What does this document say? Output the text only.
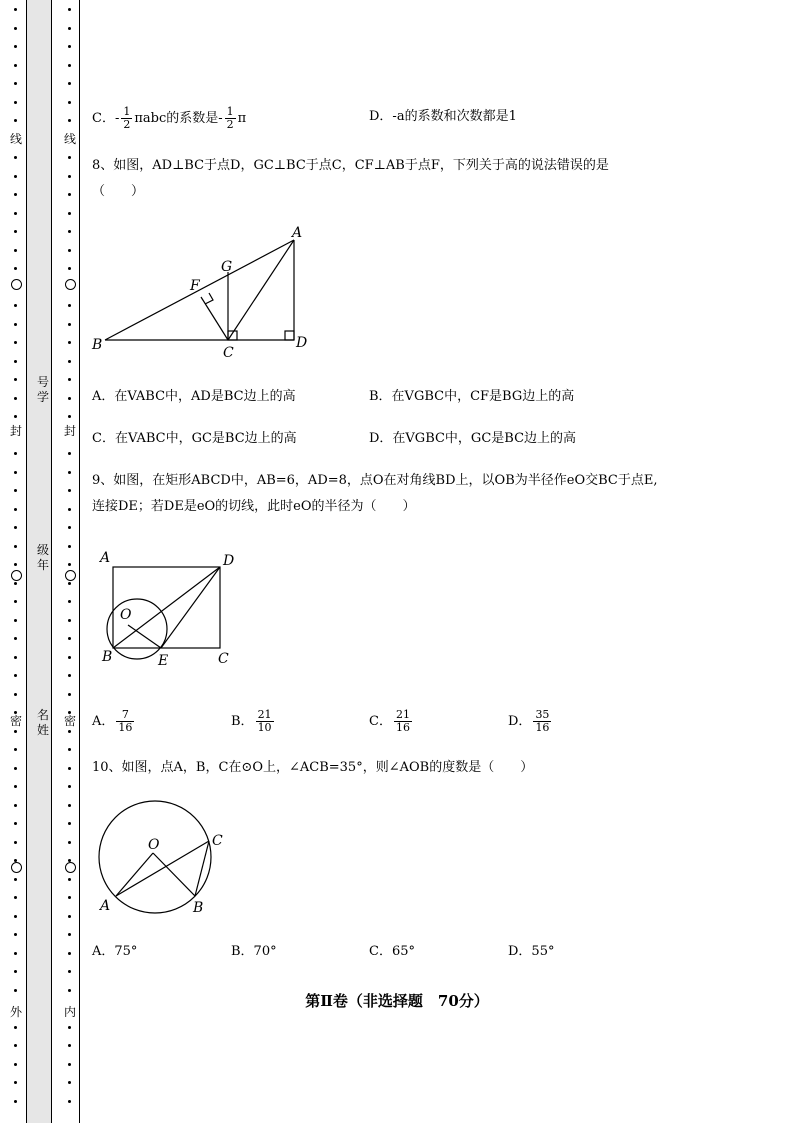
线
封
密
外
线
封
密
内
号学
级年
名姓
C．- $\frac{1}{2}$ πabc的系数是- $\frac{1}{2}$ π	D．-a的系数和次数都是1
8、如图，AD⊥BC于点D，GC⊥BC于点C，CF⊥AB于点F，下列关于高的说法错误的是
（　　）
A
B	C
D
F
G
A．在VABC中，AD是BC边上的高	B．在VGBC中，CF是BG边上的高
C．在VABC中，GC是BC边上的高	D．在VGBC中，GC是BC边上的高
9、如图，在矩形ABCD中，AB=6，AD=8，点O在对角线BD上，以OB为半径作eO交BC于点E,
连接DE；若DE是eO的切线，此时eO的半径为（　　）
A	D
B	C
E
O
A． $\frac{7}{16}$	B． $\frac{21}{10}$	C． $\frac{21}{16}$	D． $\frac{35}{16}$
10、如图，点A，B，C在⊙O上，∠ACB=35°，则∠AOB的度数是（　　）
O	C
A	B
A．75°	B．70°	C．65°	D．55°
第Ⅱ卷（非选择题　70分）
